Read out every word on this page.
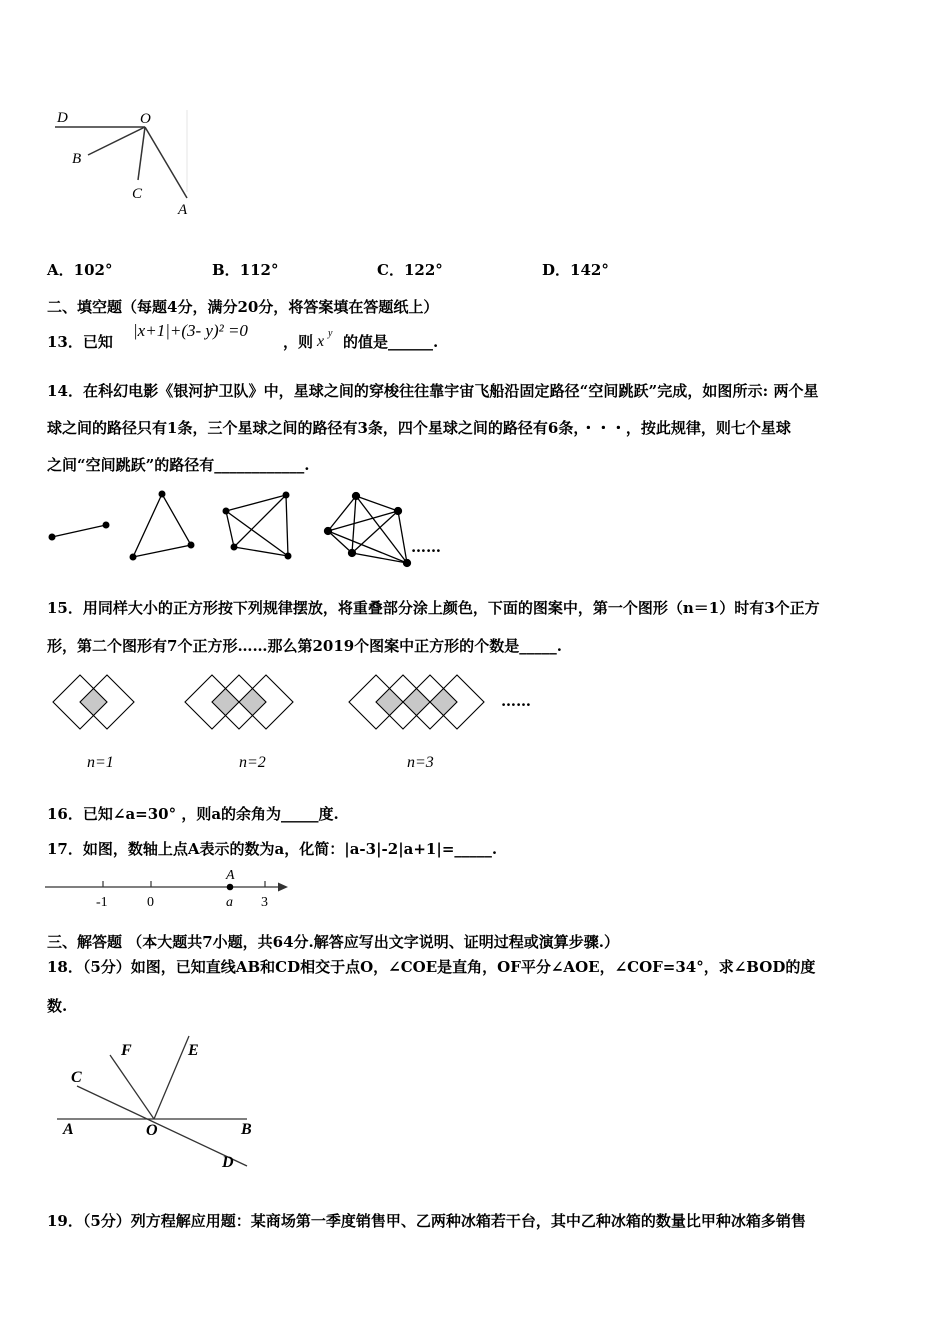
D	O
B
C
A
A．102°	B．112°	C．122°	D．142°
二、填空题（每题4分，满分20分，将答案填在答题纸上）
13．已知
|x+1|+(3- y)² =0
，则 x y 的值是______.
14．在科幻电影《银河护卫队》中，星球之间的穿梭往往靠宇宙飞船沿固定路径“空间跳跃”完成，如图所示: 两个星
球之间的路径只有1条，三个星球之间的路径有3条，四个星球之间的路径有6条，・・・，按此规律，则七个星球
之间“空间跳跃”的路径有____________.
……
15．用同样大小的正方形按下列规律摆放，将重叠部分涂上颜色，下面的图案中，第一个图形（n＝1）时有3个正方
形，第二个图形有7个正方形……那么第2019个图案中正方形的个数是_____.
……
n=1	n=2	n=3
16．已知∠a=30° ，则a的余角为_____度.
17．如图，数轴上点A表示的数为a，化简：|a-3|-2|a+1|=_____.
A
-1	0	a 3
三、解答题 （本大题共7小题，共64分.解答应写出文字说明、证明过程或演算步骤.）
18．（5分）如图，已知直线AB和CD相交于点O，∠COE是直角，OF平分∠AOE，∠COF=34°，求∠BOD的度
数.
F	E
C
A	O	B
D
19．（5分）列方程解应用题：某商场第一季度销售甲、乙两种冰箱若干台，其中乙种冰箱的数量比甲种冰箱多销售
